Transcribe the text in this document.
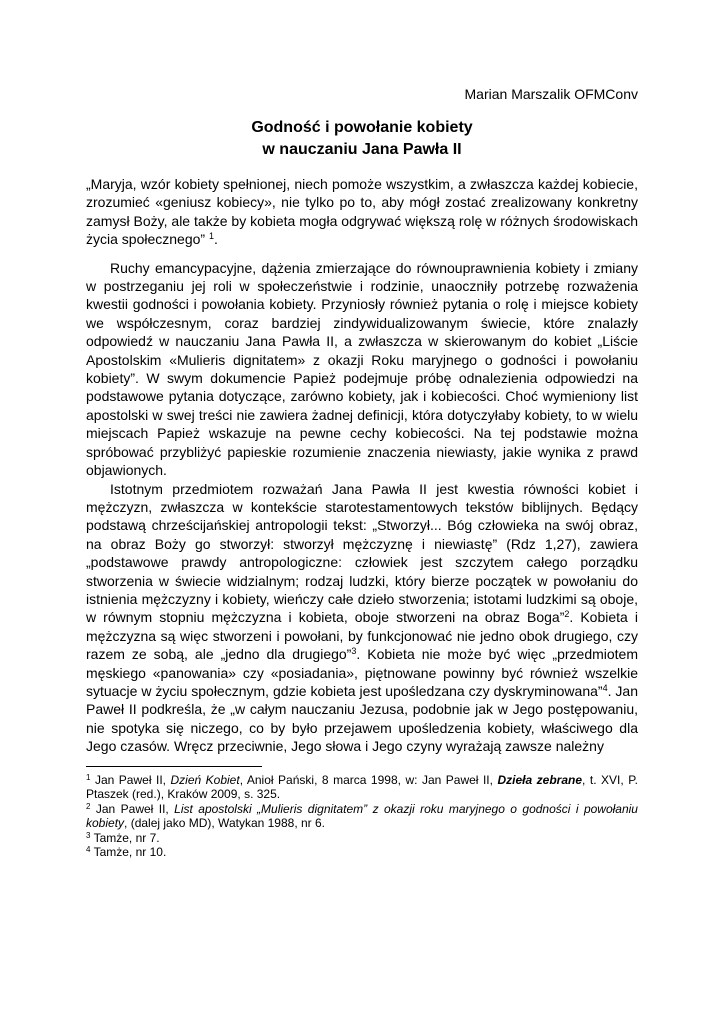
Marian Marszalik OFMConv
Godność i powołanie kobiety
w nauczaniu Jana Pawła II

„Maryja, wzór kobiety spełnionej, niech pomoże wszystkim, a zwłaszcza każdej kobiecie, zrozumieć «geniusz kobiecy», nie tylko po to, aby mógł zostać zrealizowany konkretny zamysł Boży, ale także by kobieta mogła odgrywać większą rolę w różnych środowiskach życia społecznego” $^1$.

Ruchy emancypacyjne, dążenia zmierzające do równouprawnienia kobiety i zmiany w postrzeganiu jej roli w społeczeństwie i rodzinie, unaoczniły potrzebę rozważenia kwestii godności i powołania kobiety. Przyniosły również pytania o rolę i miejsce kobiety we współczesnym, coraz bardziej zindywidualizowanym świecie, które znalazły odpowiedź w nauczaniu Jana Pawła II, a zwłaszcza w skierowanym do kobiet „Liście Apostolskim «Mulieris dignitatem» z okazji Roku maryjnego o godności i powołaniu kobiety”. W swym dokumencie Papież podejmuje próbę odnalezienia odpowiedzi na podstawowe pytania dotyczące, zarówno kobiety, jak i kobiecości. Choć wymieniony list apostolski w swej treści nie zawiera żadnej definicji, która dotyczyłaby kobiety, to w wielu miejscach Papież wskazuje na pewne cechy kobiecości. Na tej podstawie można spróbować przybliżyć papieskie rozumienie znaczenia niewiasty, jakie wynika z prawd objawionych.

Istotnym przedmiotem rozważań Jana Pawła II jest kwestia równości kobiet i mężczyzn, zwłaszcza w kontekście starotestamentowych tekstów biblijnych. Będący podstawą chrześcijańskiej antropologii tekst: „Stworzył... Bóg człowieka na swój obraz, na obraz Boży go stworzył: stworzył mężczyznę i niewiastę” (Rdz 1,27), zawiera „podstawowe prawdy antropologiczne: człowiek jest szczytem całego porządku stworzenia w świecie widzialnym; rodzaj ludzki, który bierze początek w powołaniu do istnienia mężczyzny i kobiety, wieńczy całe dzieło stworzenia; istotami ludzkimi są oboje, w równym stopniu mężczyzna i kobieta, oboje stworzeni na obraz Boga”$^2$. Kobieta i mężczyzna są więc stworzeni i powołani, by funkcjonować nie jedno obok drugiego, czy razem ze sobą, ale „jedno dla drugiego”$^3$. Kobieta nie może być więc „przedmiotem męskiego «panowania» czy «posiadania», piętnowane powinny być również wszelkie sytuacje w życiu społecznym, gdzie kobieta jest upośledzana czy dyskryminowana”$^4$. Jan Paweł II podkreśla, że „w całym nauczaniu Jezusa, podobnie jak w Jego postępowaniu, nie spotyka się niczego, co by było przejawem upośledzenia kobiety, właściwego dla Jego czasów. Wręcz przeciwnie, Jego słowa i Jego czyny wyrażają zawsze należny

$^1$ Jan Paweł II, Dzień Kobiet, Anioł Pański, 8 marca 1998, w: Jan Paweł II, Dzieła zebrane, t. XVI, P. Ptaszek (red.), Kraków 2009, s. 325.

$^2$ Jan Paweł II, List apostolski „Mulieris dignitatem” z okazji roku maryjnego o godności i powołaniu kobiety, (dalej jako MD), Watykan 1988, nr 6.

$^3$ Tamże, nr 7.

$^4$ Tamże, nr 10.
